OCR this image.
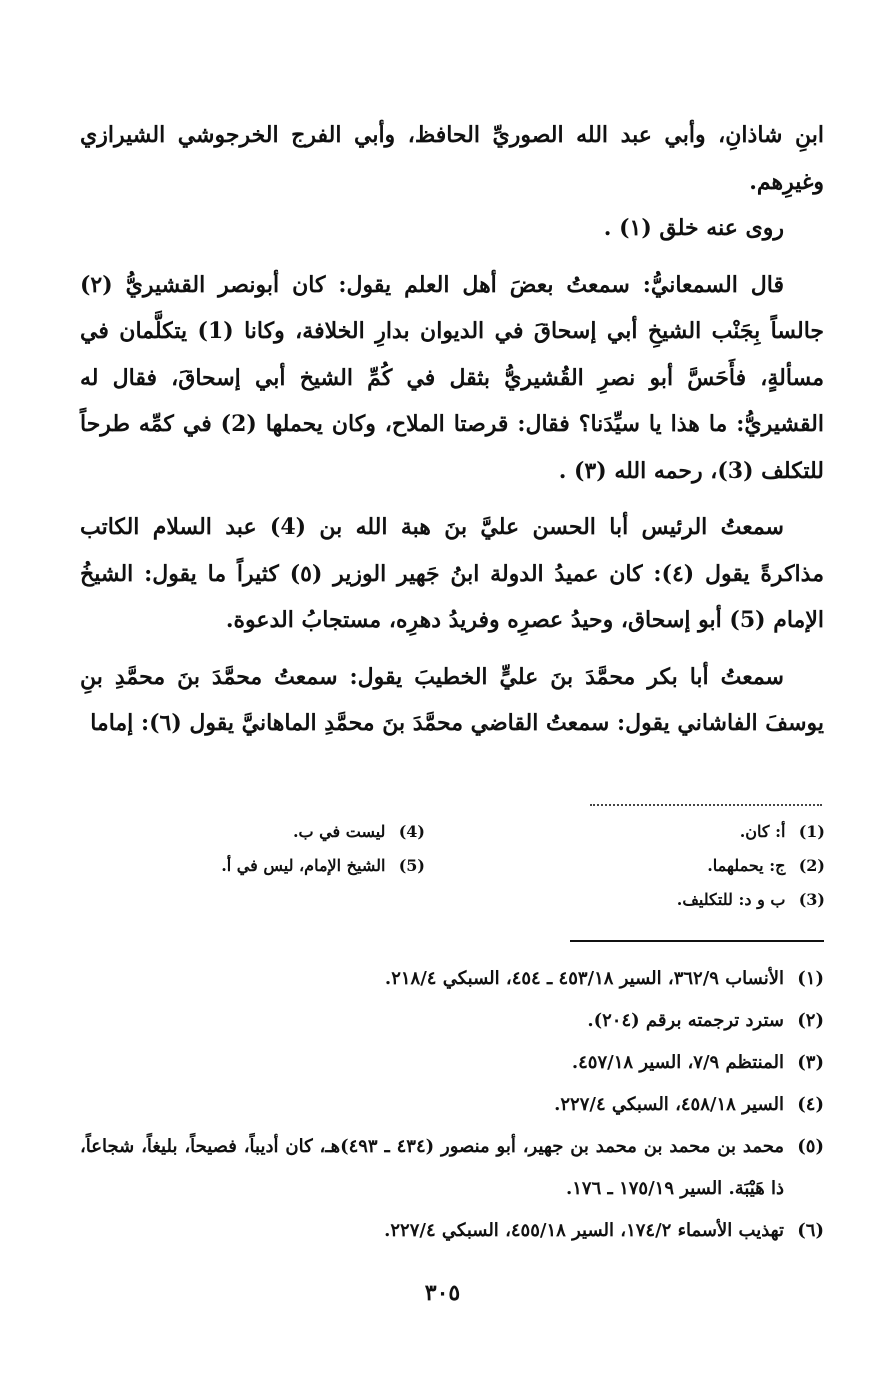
ابنِ شاذانِ، وأبي عبد الله الصوريِّ الحافظ، وأبي الفرج الخرجوشي الشيرازي وغيرِهم.

روى عنه خلق (١) .

قال السمعانيُّ: سمعتُ بعضَ أهل العلم يقول: كان أبونصر القشيريُّ (٢) جالساً بِجَنْب الشيخِ أبي إسحاقَ في الديوان بدارِ الخلافة، وكانا (1) يتكلَّمان في مسألةٍ، فأَحَسَّ أبو نصرِ القُشيريُّ بثقل في كُمِّ الشيخ أبي إسحاقَ، فقال له القشيريُّ: ما هذا يا سيِّدَنا؟ فقال: قرصتا الملاح، وكان يحملها (2) في كمِّه طرحاً للتكلف (3)، رحمه الله (٣) .

سمعتُ الرئيس أبا الحسن عليَّ بنَ هبة الله بن (4) عبد السلام الكاتب مذاكرةً يقول (٤): كان عميدُ الدولة ابنُ جَهير الوزير (٥) كثيراً ما يقول: الشيخُ الإمام (5) أبو إسحاق، وحيدُ عصرِه وفريدُ دهرِه، مستجابُ الدعوة.

سمعتُ أبا بكر محمَّدَ بنَ عليٍّ الخطيبَ يقول: سمعتُ محمَّدَ بنَ محمَّدِ بنِ يوسفَ الفاشاني يقول: سمعتُ القاضي محمَّدَ بنَ محمَّدِ الماهانيَّ يقول (٦): إماما

(1) أ: كان.
(2) ج: يحملهما.
(3) ب و د: للتكليف.
(4) ليست في ب.
(5) الشيخ الإمام، ليس في أ.
(١)
الأنساب ٣٦٢/٩، السير ٤٥٣/١٨ ـ ٤٥٤، السبكي ٢١٨/٤.
(٢)
سترد ترجمته برقم (٢٠٤).
(٣)
المنتظم ٧/٩، السير ٤٥٧/١٨.
(٤)
السير ٤٥٨/١٨، السبكي ٢٢٧/٤.
(٥)
محمد بن محمد بن محمد بن جهير، أبو منصور (٤٣٤ ـ ٤٩٣)هـ، كان أديباً، فصيحاً، بليغاً، شجاعاً، ذا هَيْبَة. السير ١٧٥/١٩ ـ ١٧٦.
(٦)
تهذيب الأسماء ١٧٤/٢، السير ٤٥٥/١٨، السبكي ٢٢٧/٤.
٣٠٥
